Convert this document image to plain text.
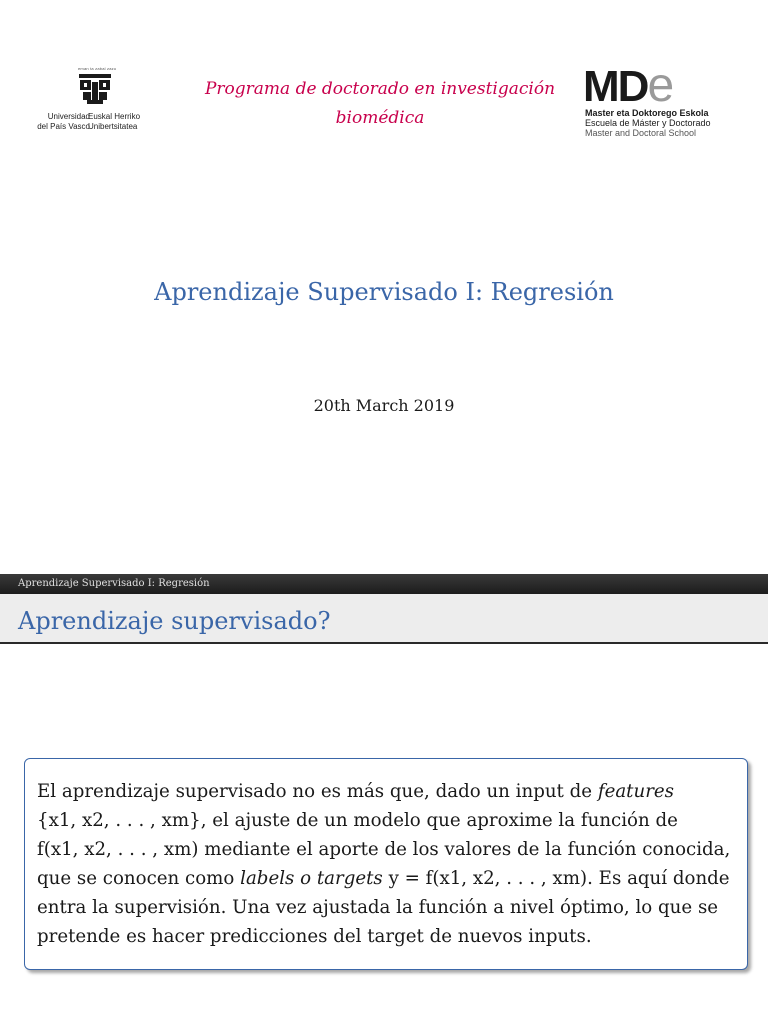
eman ta zabal zazu
Universidad
del País Vasco
Euskal Herriko
Unibertsitatea
Programa de doctorado en investigación
biomédica
MDe
Master eta Doktorego Eskola
Escuela de Máster y Doctorado
Master and Doctoral School
Aprendizaje Supervisado I: Regresión
20th March 2019
Aprendizaje Supervisado I: Regresión
Aprendizaje supervisado?

El aprendizaje supervisado no es más que, dado un input de features
{x1, x2, . . . , xm}, el ajuste de un modelo que aproxime la función de
f(x1, x2, . . . , xm) mediante el aporte de los valores de la función conocida, que se conocen como labels o targets y = f(x1, x2, . . . , xm). Es aquí donde entra la supervisión. Una vez ajustada la función a nivel óptimo, lo que se pretende es hacer predicciones del target de nuevos inputs.
